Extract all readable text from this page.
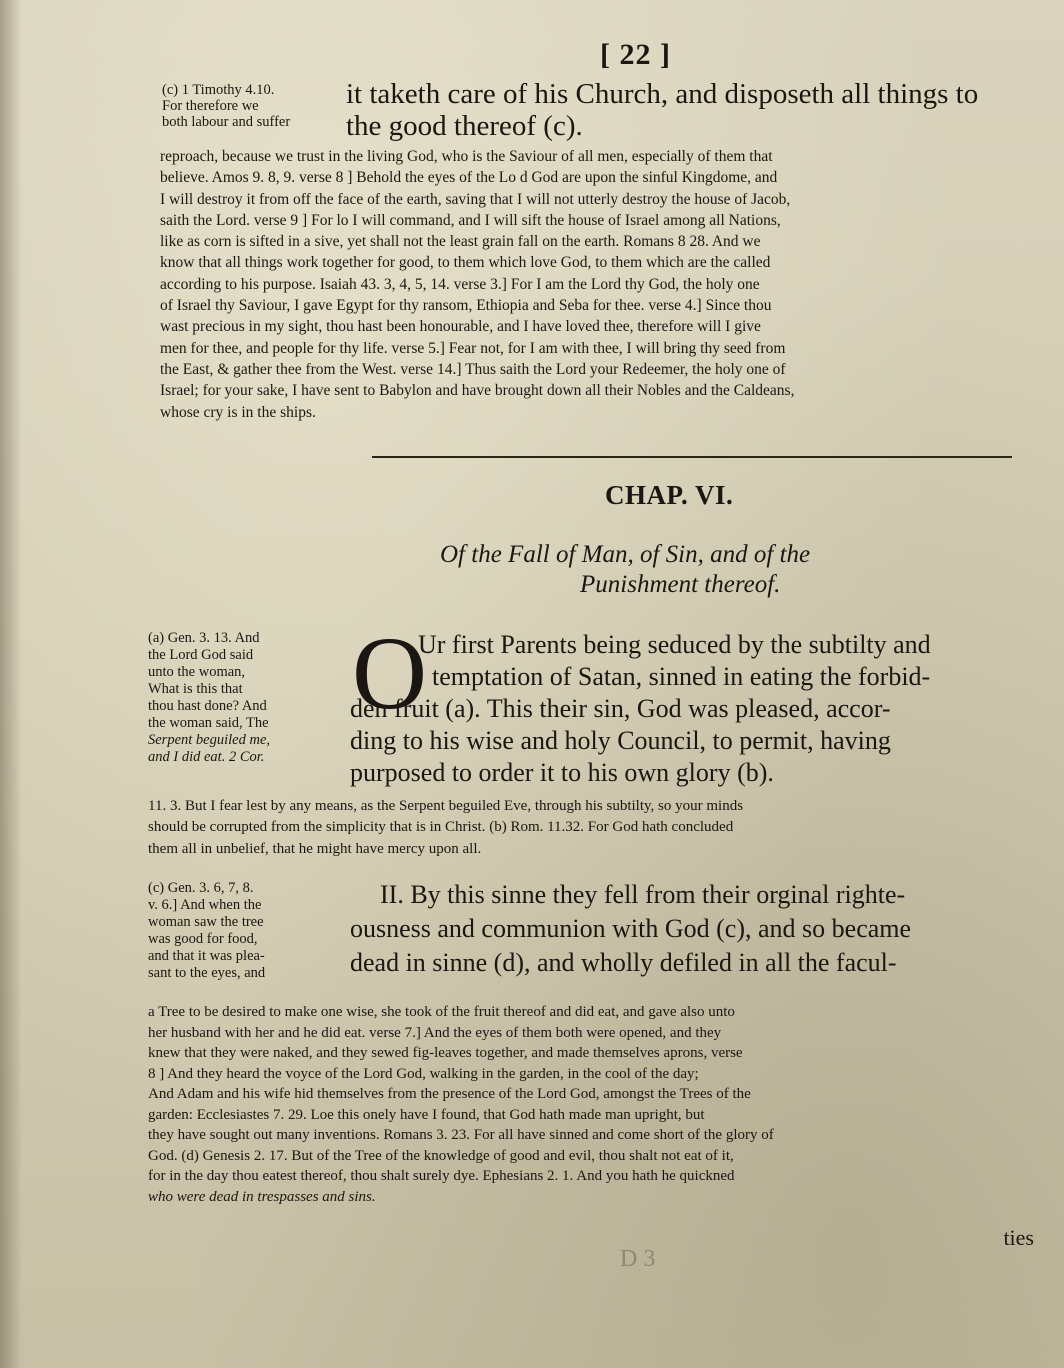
[ 22 ]
(c) 1 Timothy 4.10.
For therefore we
both labour and suffer
it taketh care of his Church, and disposeth all things to
the good thereof (c).
reproach, because we trust in the living God, who is the Saviour of all men, especially of them that
believe. Amos 9. 8, 9. verse 8 ] Behold the eyes of the Lo d God are upon the sinful Kingdome, and
I will destroy it from off the face of the earth, saving that I will not utterly destroy the house of Jacob,
saith the Lord. verse 9 ] For lo I will command, and I will sift the house of Israel among all Nations,
like as corn is sifted in a sive, yet shall not the least grain fall on the earth. Romans 8 28. And we
know that all things work together for good, to them which love God, to them which are the called
according to his purpose. Isaiah 43. 3, 4, 5, 14. verse 3.] For I am the Lord thy God, the holy one
of Israel thy Saviour, I gave Egypt for thy ransom, Ethiopia and Seba for thee. verse 4.] Since thou
wast precious in my sight, thou hast been honourable, and I have loved thee, therefore will I give
men for thee, and people for thy life. verse 5.] Fear not, for I am with thee, I will bring thy seed from
the East, & gather thee from the West. verse 14.] Thus saith the Lord your Redeemer, the holy one of
Israel; for your sake, I have sent to Babylon and have brought down all their Nobles and the Caldeans,
whose cry is in the ships.
CHAP. VI.
Of the Fall of Man, of Sin, and of the
Punishment thereof.
(a) Gen. 3. 13. And
the Lord God said
unto the woman,
What is this that
thou hast done? And
the woman said, The
Serpent beguiled me,
and I did eat. 2 Cor.
O
Ur first Parents being seduced by the subtilty and
temptation of Satan, sinned in eating the forbid-
den fruit (a). This their sin, God was pleased, accor-
ding to his wise and holy Council, to permit, having
purposed to order it to his own glory (b).
11. 3. But I fear lest by any means, as the Serpent beguiled Eve, through his subtilty, so your minds
should be corrupted from the simplicity that is in Christ. (b) Rom. 11.32. For God hath concluded
them all in unbelief, that he might have mercy upon all.
(c) Gen. 3. 6, 7, 8.
v. 6.] And when the
woman saw the tree
was good for food,
and that it was plea-
sant to the eyes, and
II. By this sinne they fell from their orginal righte-
ousness and communion with God (c), and so became
dead in sinne (d), and wholly defiled in all the facul-
a Tree to be desired to make one wise, she took of the fruit thereof and did eat, and gave also unto
her husband with her and he did eat. verse 7.] And the eyes of them both were opened, and they
knew that they were naked, and they sewed fig-leaves together, and made themselves aprons, verse
8 ] And they heard the voyce of the Lord God, walking in the garden, in the cool of the day;
And Adam and his wife hid themselves from the presence of the Lord God, amongst the Trees of the
garden: Ecclesiastes 7. 29. Loe this onely have I found, that God hath made man upright, but
they have sought out many inventions. Romans 3. 23. For all have sinned and come short of the glory of
God. (d) Genesis 2. 17. But of the Tree of the knowledge of good and evil, thou shalt not eat of it,
for in the day thou eatest thereof, thou shalt surely dye. Ephesians 2. 1. And you hath he quickned
who were dead in trespasses and sins.
D 3
ties
